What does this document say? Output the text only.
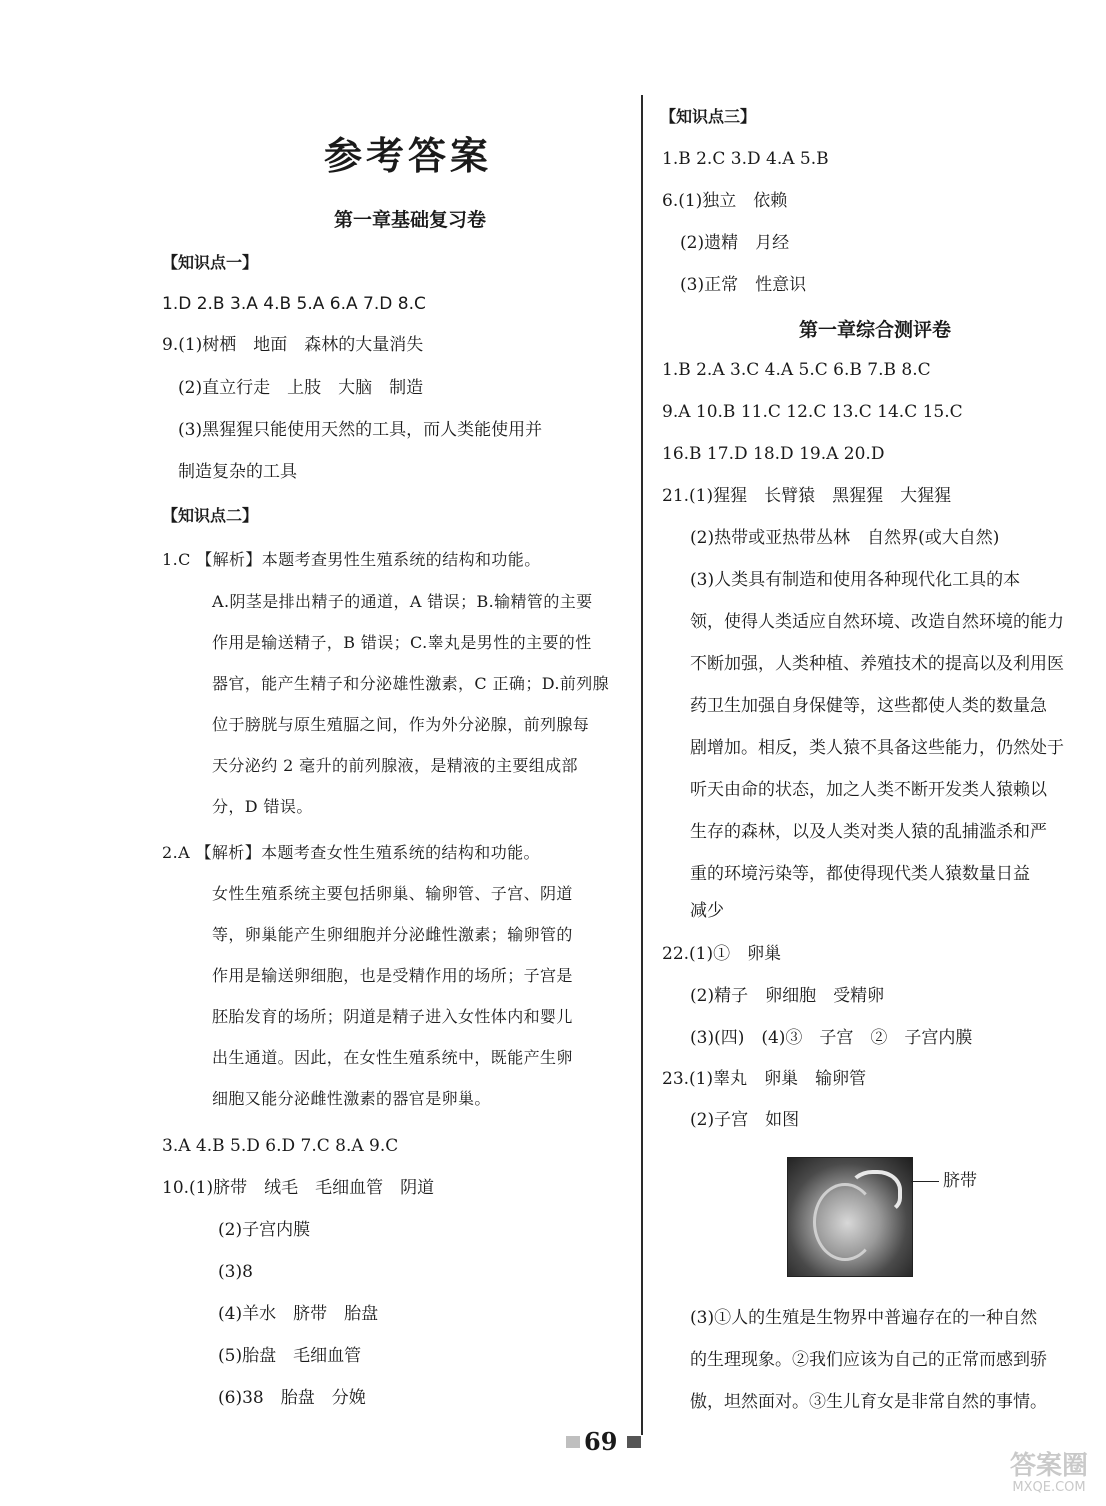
参考答案
第一章基础复习卷
【知识点一】
1.D 2.B 3.A 4.B 5.A 6.A 7.D 8.C
9.(1)树栖　地面　森林的大量消失
(2)直立行走　上肢　大脑　制造
(3)黑猩猩只能使用天然的工具，而人类能使用并
制造复杂的工具
【知识点二】
1.C 【解析】本题考查男性生殖系统的结构和功能。
A.阴茎是排出精子的通道，A 错误；B.输精管的主要
作用是输送精子，B 错误；C.睾丸是男性的主要的性
器官，能产生精子和分泌雄性激素，C 正确；D.前列腺
位于膀胱与原生殖腷之间，作为外分泌腺，前列腺每
天分泌约 2 毫升的前列腺液，是精液的主要组成部
分，D 错误。
2.A 【解析】本题考查女性生殖系统的结构和功能。
女性生殖系统主要包括卵巢、输卵管、子宫、阴道
等，卵巢能产生卵细胞并分泌雌性激素；输卵管的
作用是输送卵细胞，也是受精作用的场所；子宫是
胚胎发育的场所；阴道是精子进入女性体内和婴儿
出生通道。因此，在女性生殖系统中，既能产生卵
细胞又能分泌雌性激素的器官是卵巢。
3.A 4.B 5.D 6.D 7.C 8.A 9.C
10.(1)脐带　绒毛　毛细血管　阴道
(2)子宫内膜
(3)8
(4)羊水　脐带　胎盘
(5)胎盘　毛细血管
(6)38　胎盘　分娩
【知识点三】
1.B 2.C 3.D 4.A 5.B
6.(1)独立　依赖
(2)遗精　月经
(3)正常　性意识
第一章综合测评卷
1.B 2.A 3.C 4.A 5.C 6.B 7.B 8.C
9.A 10.B 11.C 12.C 13.C 14.C 15.C
16.B 17.D 18.D 19.A 20.D
21.(1)猩猩　长臂猿　黑猩猩　大猩猩
(2)热带或亚热带丛林　自然界(或大自然)
(3)人类具有制造和使用各种现代化工具的本
领，使得人类适应自然环境、改造自然环境的能力
不断加强，人类种植、养殖技术的提高以及利用医
药卫生加强自身保健等，这些都使人类的数量急
剧增加。相反，类人猿不具备这些能力，仍然处于
听天由命的状态，加之人类不断开发类人猿赖以
生存的森林，以及人类对类人猿的乱捕滥杀和严
重的环境污染等，都使得现代类人猿数量日益
减少
22.(1)①　卵巢
(2)精子　卵细胞　受精卵
(3)(四)　(4)③　子宫　②　子宫内膜
23.(1)睾丸　卵巢　输卵管
(2)子宫　如图
脐带
(3)①人的生殖是生物界中普遍存在的一种自然
的生理现象。②我们应该为自己的正常而感到骄
傲，坦然面对。③生儿育女是非常自然的事情。
69
答案圈
MXQE.COM
